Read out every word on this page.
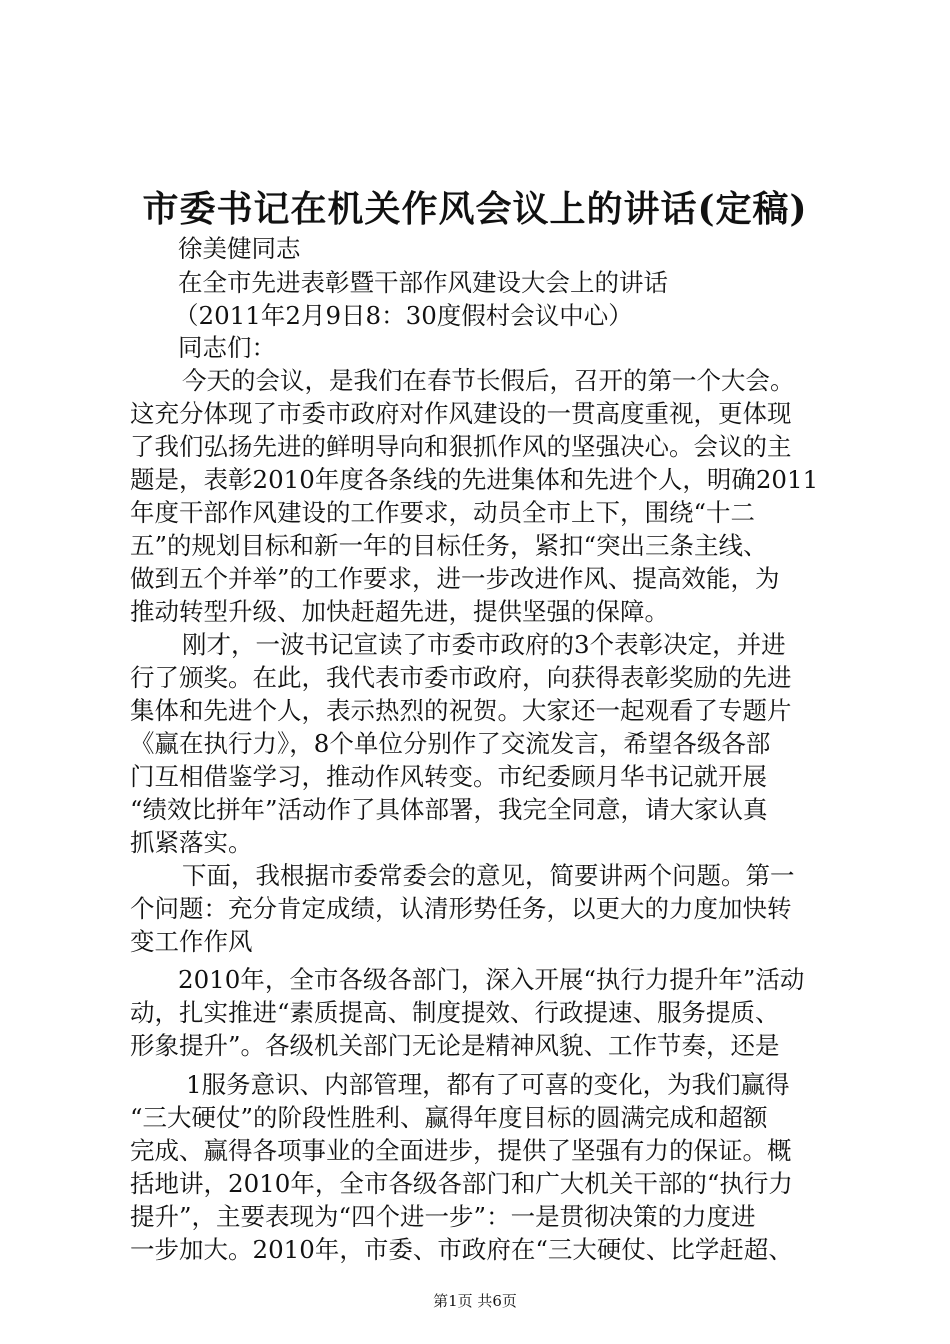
市委书记在机关作风会议上的讲话(定稿)
徐美健同志
在全市先进表彰暨干部作风建设大会上的讲话
（2011年2月9日8：30度假村会议中心）
同志们：
今天的会议，是我们在春节长假后，召开的第一个大会。
这充分体现了市委市政府对作风建设的一贯高度重视，更体现
了我们弘扬先进的鲜明导向和狠抓作风的坚强决心。会议的主
题是，表彰2010年度各条线的先进集体和先进个人，明确2011
年度干部作风建设的工作要求，动员全市上下，围绕“十二
五”的规划目标和新一年的目标任务，紧扣“突出三条主线、
做到五个并举”的工作要求，进一步改进作风、提高效能，为
推动转型升级、加快赶超先进，提供坚强的保障。
刚才，一波书记宣读了市委市政府的3个表彰决定，并进
行了颁奖。在此，我代表市委市政府，向获得表彰奖励的先进
集体和先进个人，表示热烈的祝贺。大家还一起观看了专题片
《赢在执行力》，8个单位分别作了交流发言，希望各级各部
门互相借鉴学习，推动作风转变。市纪委顾月华书记就开展
“绩效比拼年”活动作了具体部署，我完全同意，请大家认真
抓紧落实。
下面，我根据市委常委会的意见，简要讲两个问题。第一
个问题：充分肯定成绩，认清形势任务，以更大的力度加快转
变工作作风
2010年，全市各级各部门，深入开展“执行力提升年”活动
动，扎实推进“素质提高、制度提效、行政提速、服务提质、
形象提升”。各级机关部门无论是精神风貌、工作节奏，还是
1服务意识、内部管理，都有了可喜的变化，为我们赢得
“三大硬仗”的阶段性胜利、赢得年度目标的圆满完成和超额
完成、赢得各项事业的全面进步，提供了坚强有力的保证。概
括地讲，2010年，全市各级各部门和广大机关干部的“执行力
提升”，主要表现为“四个进一步”：一是贯彻决策的力度进
一步加大。2010年，市委、市政府在“三大硬仗、比学赶超、
第1页 共6页
